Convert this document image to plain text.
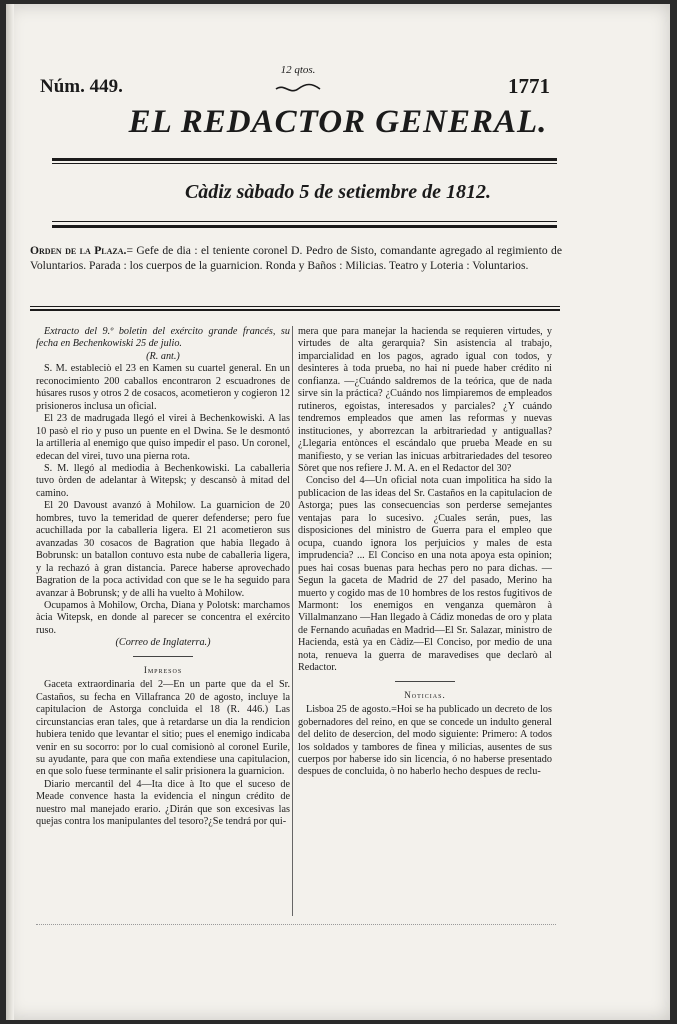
Núm. 449.
12 qtos.
1771
EL REDACTOR GENERAL.
Càdiz sàbado 5 de setiembre de 1812.
Orden de la Plaza.= Gefe de dia : el teniente coronel D. Pedro de Sisto, comandante agregado al regimiento de Voluntarios. Parada : los cuerpos de la guarnicion. Ronda y Baños : Milicias. Teatro y Loteria : Voluntarios.

Extracto del 9.º boletin del exército grande francés, su fecha en Bechenkowiski 25 de julio.

(R. ant.)

S. M. estableciò el 23 en Kamen su cuartel general. En un reconocimiento 200 caballos encontraron 2 escuadrones de húsares rusos y otros 2 de cosacos, acometieron y cogieron 12 prisioneros inclusa un oficial.

El 23 de madrugada llegó el virei à Bechenkowiski. A las 10 pasò el rio y puso un puente en el Dwina. Se le desmontó la artilleria al enemigo que quiso impedir el paso. Un coronel, edecan del virei, tuvo una pierna rota.

S. M. llegó al mediodia à Bechenkowiski. La caballeria tuvo òrden de adelantar à Witepsk; y descansò à mitad del camino.

El 20 Davoust avanzó à Mohilow. La guarnicion de 20 hombres, tuvo la temeridad de querer defenderse; pero fue acuchillada por la caballeria ligera. El 21 acometieron sus avanzadas 30 cosacos de Bagration que habia llegado à Bobrunsk: un batallon contuvo esta nube de caballeria ligera, y la rechazó à gran distancia. Parece haberse aprovechado Bagration de la poca actividad con que se le ha seguido para avanzar à Bobrunsk; y de alli ha vuelto à Mohilow.

Ocupamos à Mohilow, Orcha, Diana y Polotsk: marchamos àcia Witepsk, en donde al parecer se concentra el exército ruso.

(Correo de Inglaterra.)

Impresos

Gaceta extraordinaria del 2—En un parte que da el Sr. Castaños, su fecha en Villafranca 20 de agosto, incluye la capitulacion de Astorga concluida el 18 (R. 446.) Las circunstancias eran tales, que à retardarse un dia la rendicion hubiera tenido que levantar el sitio; pues el enemigo indicaba venir en su socorro: por lo cual comisionò al coronel Eurile, su ayudante, para que con maña extendiese una capitulacion, en que solo fuese terminante el salir prisionera la guarnicion.

Diario mercantil del 4—Ita dice à Ito que el suceso de Meade convence hasta la evidencia el ningun crédito de nuestro mal manejado erario. ¿Dirán que son excesivas las quejas contra los manipulantes del tesoro?¿Se tendrá por qui-

mera que para manejar la hacienda se requieren virtudes, y virtudes de alta gerarquia? Sin asistencia al trabajo, imparcialidad en los pagos, agrado igual con todos, y desinteres à toda prueba, no hai ni puede haber crédito ni confianza. —¿Cuándo saldremos de la teórica, que de nada sirve sin la práctica? ¿Cuándo nos limpiaremos de empleados rutineros, egoistas, interesados y parciales? ¿Y cuándo tendremos empleados que amen las reformas y nuevas instituciones, y aborrezcan la arbitrariedad y antiguallas? ¿Llegaria entònces el escándalo que prueba Meade en su manifiesto, y se verian las inicuas arbitrariedades del tesoreo Sòret que nos refiere J. M. A. en el Redactor del 30?

Conciso del 4—Un oficial nota cuan impolitica ha sido la publicacion de las ideas del Sr. Castaños en la capitulacion de Astorga; pues las consecuencias son perderse semejantes ventajas para lo sucesivo. ¿Cuales serán, pues, las disposiciones del ministro de Guerra para el empleo que ocupa, cuando ignora los perjuicios y males de esta imprudencia? ... El Conciso en una nota apoya esta opinion; pues hai cosas buenas para hechas pero no para dichas. — Segun la gaceta de Madrid de 27 del pasado, Merino ha muerto y cogido mas de 10 hombres de los restos fugitivos de Marmont: los enemigos en venganza quemàron à Villalmanzano —Han llegado à Cádiz monedas de oro y plata de Fernando acuñadas en Madrid—El Sr. Salazar, ministro de Hacienda, està ya en Càdiz—El Conciso, por medio de una nota, renueva la guerra de maravedises que declarò al Redactor.

Noticias.

Lisboa 25 de agosto.=Hoi se ha publicado un decreto de los gobernadores del reino, en que se concede un indulto general del delito de desercion, del modo siguiente: Primero: A todos los soldados y tambores de finea y milicias, ausentes de sus cuerpos por haberse ido sin licencia, ó no haberse presentado despues de concluida, ò no haberlo hecho despues de reclu-
